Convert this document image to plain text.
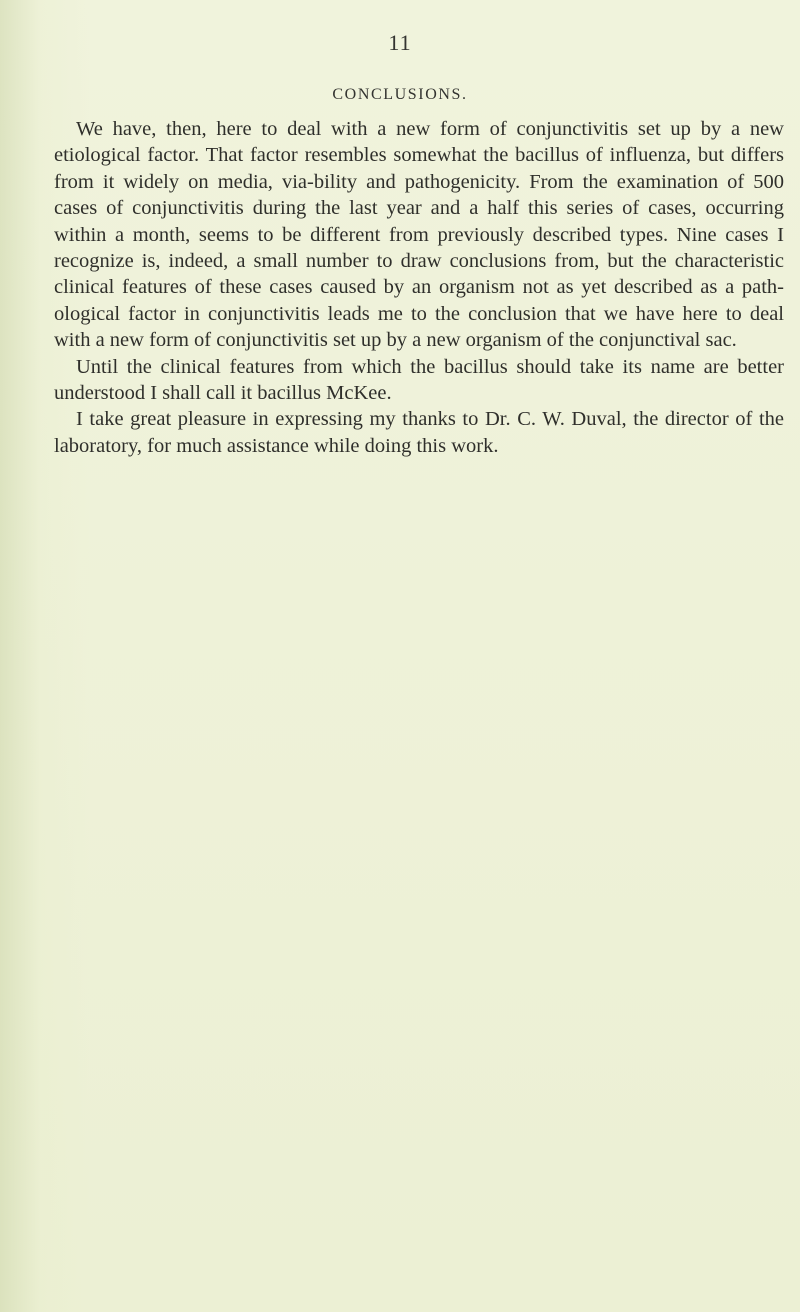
11
CONCLUSIONS.

We have, then, here to deal with a new form of conjunctivitis set up by a new etiological factor. That factor resembles somewhat the bacillus of influenza, but differs from it widely on media, via-bility and pathogenicity. From the examination of 500 cases of conjunctivitis during the last year and a half this series of cases, occurring within a month, seems to be different from previously described types. Nine cases I recognize is, indeed, a small number to draw conclusions from, but the characteristic clinical features of these cases caused by an organism not as yet described as a path-ological factor in conjunctivitis leads me to the conclusion that we have here to deal with a new form of conjunctivitis set up by a new organism of the conjunctival sac.

Until the clinical features from which the bacillus should take its name are better understood I shall call it bacillus McKee.

I take great pleasure in expressing my thanks to Dr. C. W. Duval, the director of the laboratory, for much assistance while doing this work.
